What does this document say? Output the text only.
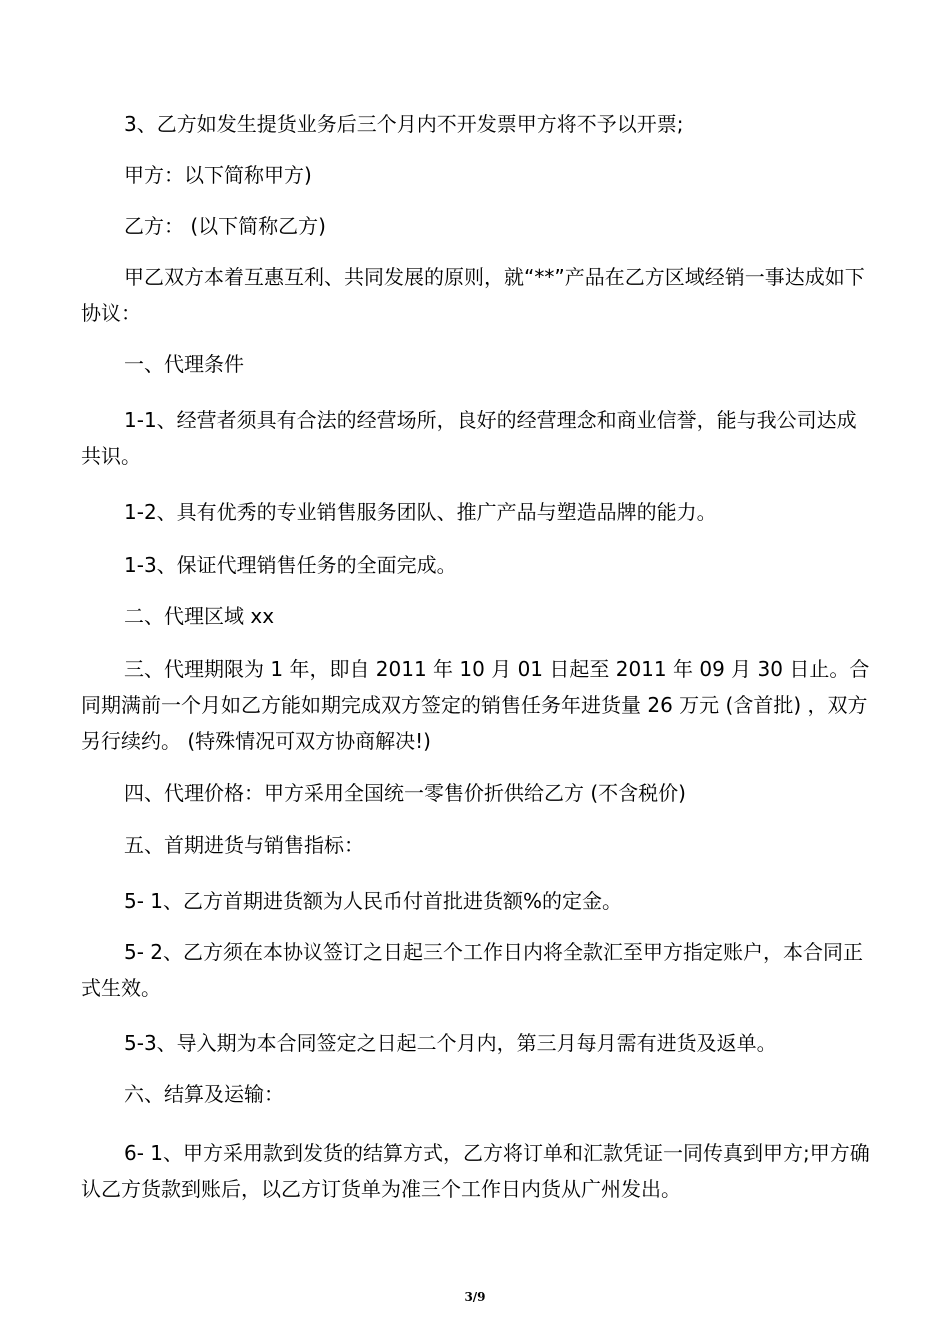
3、乙方如发生提货业务后三个月内不开发票甲方将不予以开票;

甲方：以下简称甲方)

乙方： (以下简称乙方)

甲乙双方本着互惠互利、共同发展的原则，就“**”产品在乙方区域经销一事达成如下协议：

一、代理条件

1-1、经营者须具有合法的经营场所，良好的经营理念和商业信誉，能与我公司达成共识。

1-2、具有优秀的专业销售服务团队、推广产品与塑造品牌的能力。

1-3、保证代理销售任务的全面完成。

二、代理区域 xx

三、代理期限为 1 年，即自 2011 年 10 月 01 日起至 2011 年 09 月 30 日止。合同期满前一个月如乙方能如期完成双方签定的销售任务年进货量 26 万元 (含首批) ，双方另行续约。 (特殊情况可双方协商解决!)

四、代理价格：甲方采用全国统一零售价折供给乙方 (不含税价)

五、首期进货与销售指标：

5- 1、乙方首期进货额为人民币付首批进货额%的定金。

5- 2、乙方须在本协议签订之日起三个工作日内将全款汇至甲方指定账户，本合同正式生效。

5-3、导入期为本合同签定之日起二个月内，第三月每月需有进货及返单。

六、结算及运输：

6- 1、甲方采用款到发货的结算方式，乙方将订单和汇款凭证一同传真到甲方;甲方确认乙方货款到账后，以乙方订货单为准三个工作日内货从广州发出。

3/9
